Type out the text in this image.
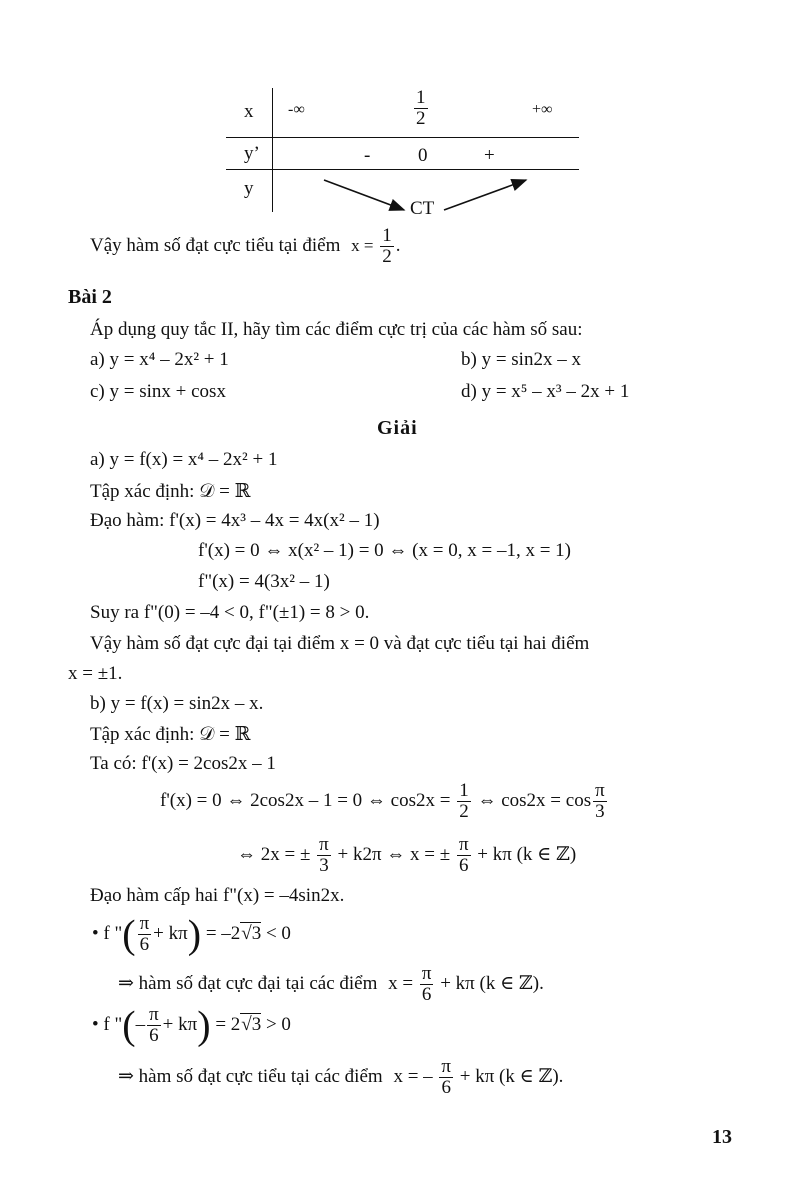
x -∞	$\frac{1}{2}$	+∞
y’	-	0	+
y
CT
Vậy hàm số đạt cực tiểu tại điểm $x = \frac{1}{2}$ .
Bài 2
Áp dụng quy tắc II, hãy tìm các điểm cực trị của các hàm số sau:
a) y = x⁴ – 2x² + 1	b) y = sin2x – x
c) y = sinx + cosx	d) y = x⁵ – x³ – 2x + 1
Giải
a) y = f(x) = x⁴ – 2x² + 1
Tập xác định: 𝒟 = ℝ
Đạo hàm: f'(x) = 4x³ – 4x = 4x(x² – 1)
f'(x) = 0 ⇔ x(x² – 1) = 0 ⇔ (x = 0, x = –1, x = 1)
f"(x) = 4(3x² – 1)
Suy ra f"(0) = –4 < 0, f"(±1) = 8 > 0.
Vậy hàm số đạt cực đại tại điểm x = 0 và đạt cực tiểu tại hai điểm
x = ±1.
b) y = f(x) = sin2x – x.
Tập xác định: 𝒟 = ℝ
Ta có: f'(x) = 2cos2x – 1
f'(x) = 0 ⇔ 2cos2x – 1 = 0 ⇔ $\cos 2x = \frac{1}{2}$ ⇔ $\cos 2x = \cos \frac{\pi}{3}$
⇔ 2x = ± $\frac{\pi}{3} + k2\pi$ ⇔ x = ± $\frac{\pi}{6} + k\pi$ (k ∈ ℤ)
Đạo hàm cấp hai f"(x) = –4sin2x.
• f "( $\frac{\pi}{6} + k\pi) = -2√3 < 0$
⇒ hàm số đạt cực đại tại các điểm $x = \frac{\pi}{6} + k\pi$ (k ∈ ℤ).
• f "(– $\frac{\pi}{6} + k\pi) = 2√3 > 0$
⇒ hàm số đạt cực tiểu tại các điểm x = – $\frac{\pi}{6} + k\pi$ (k ∈ ℤ).
13
